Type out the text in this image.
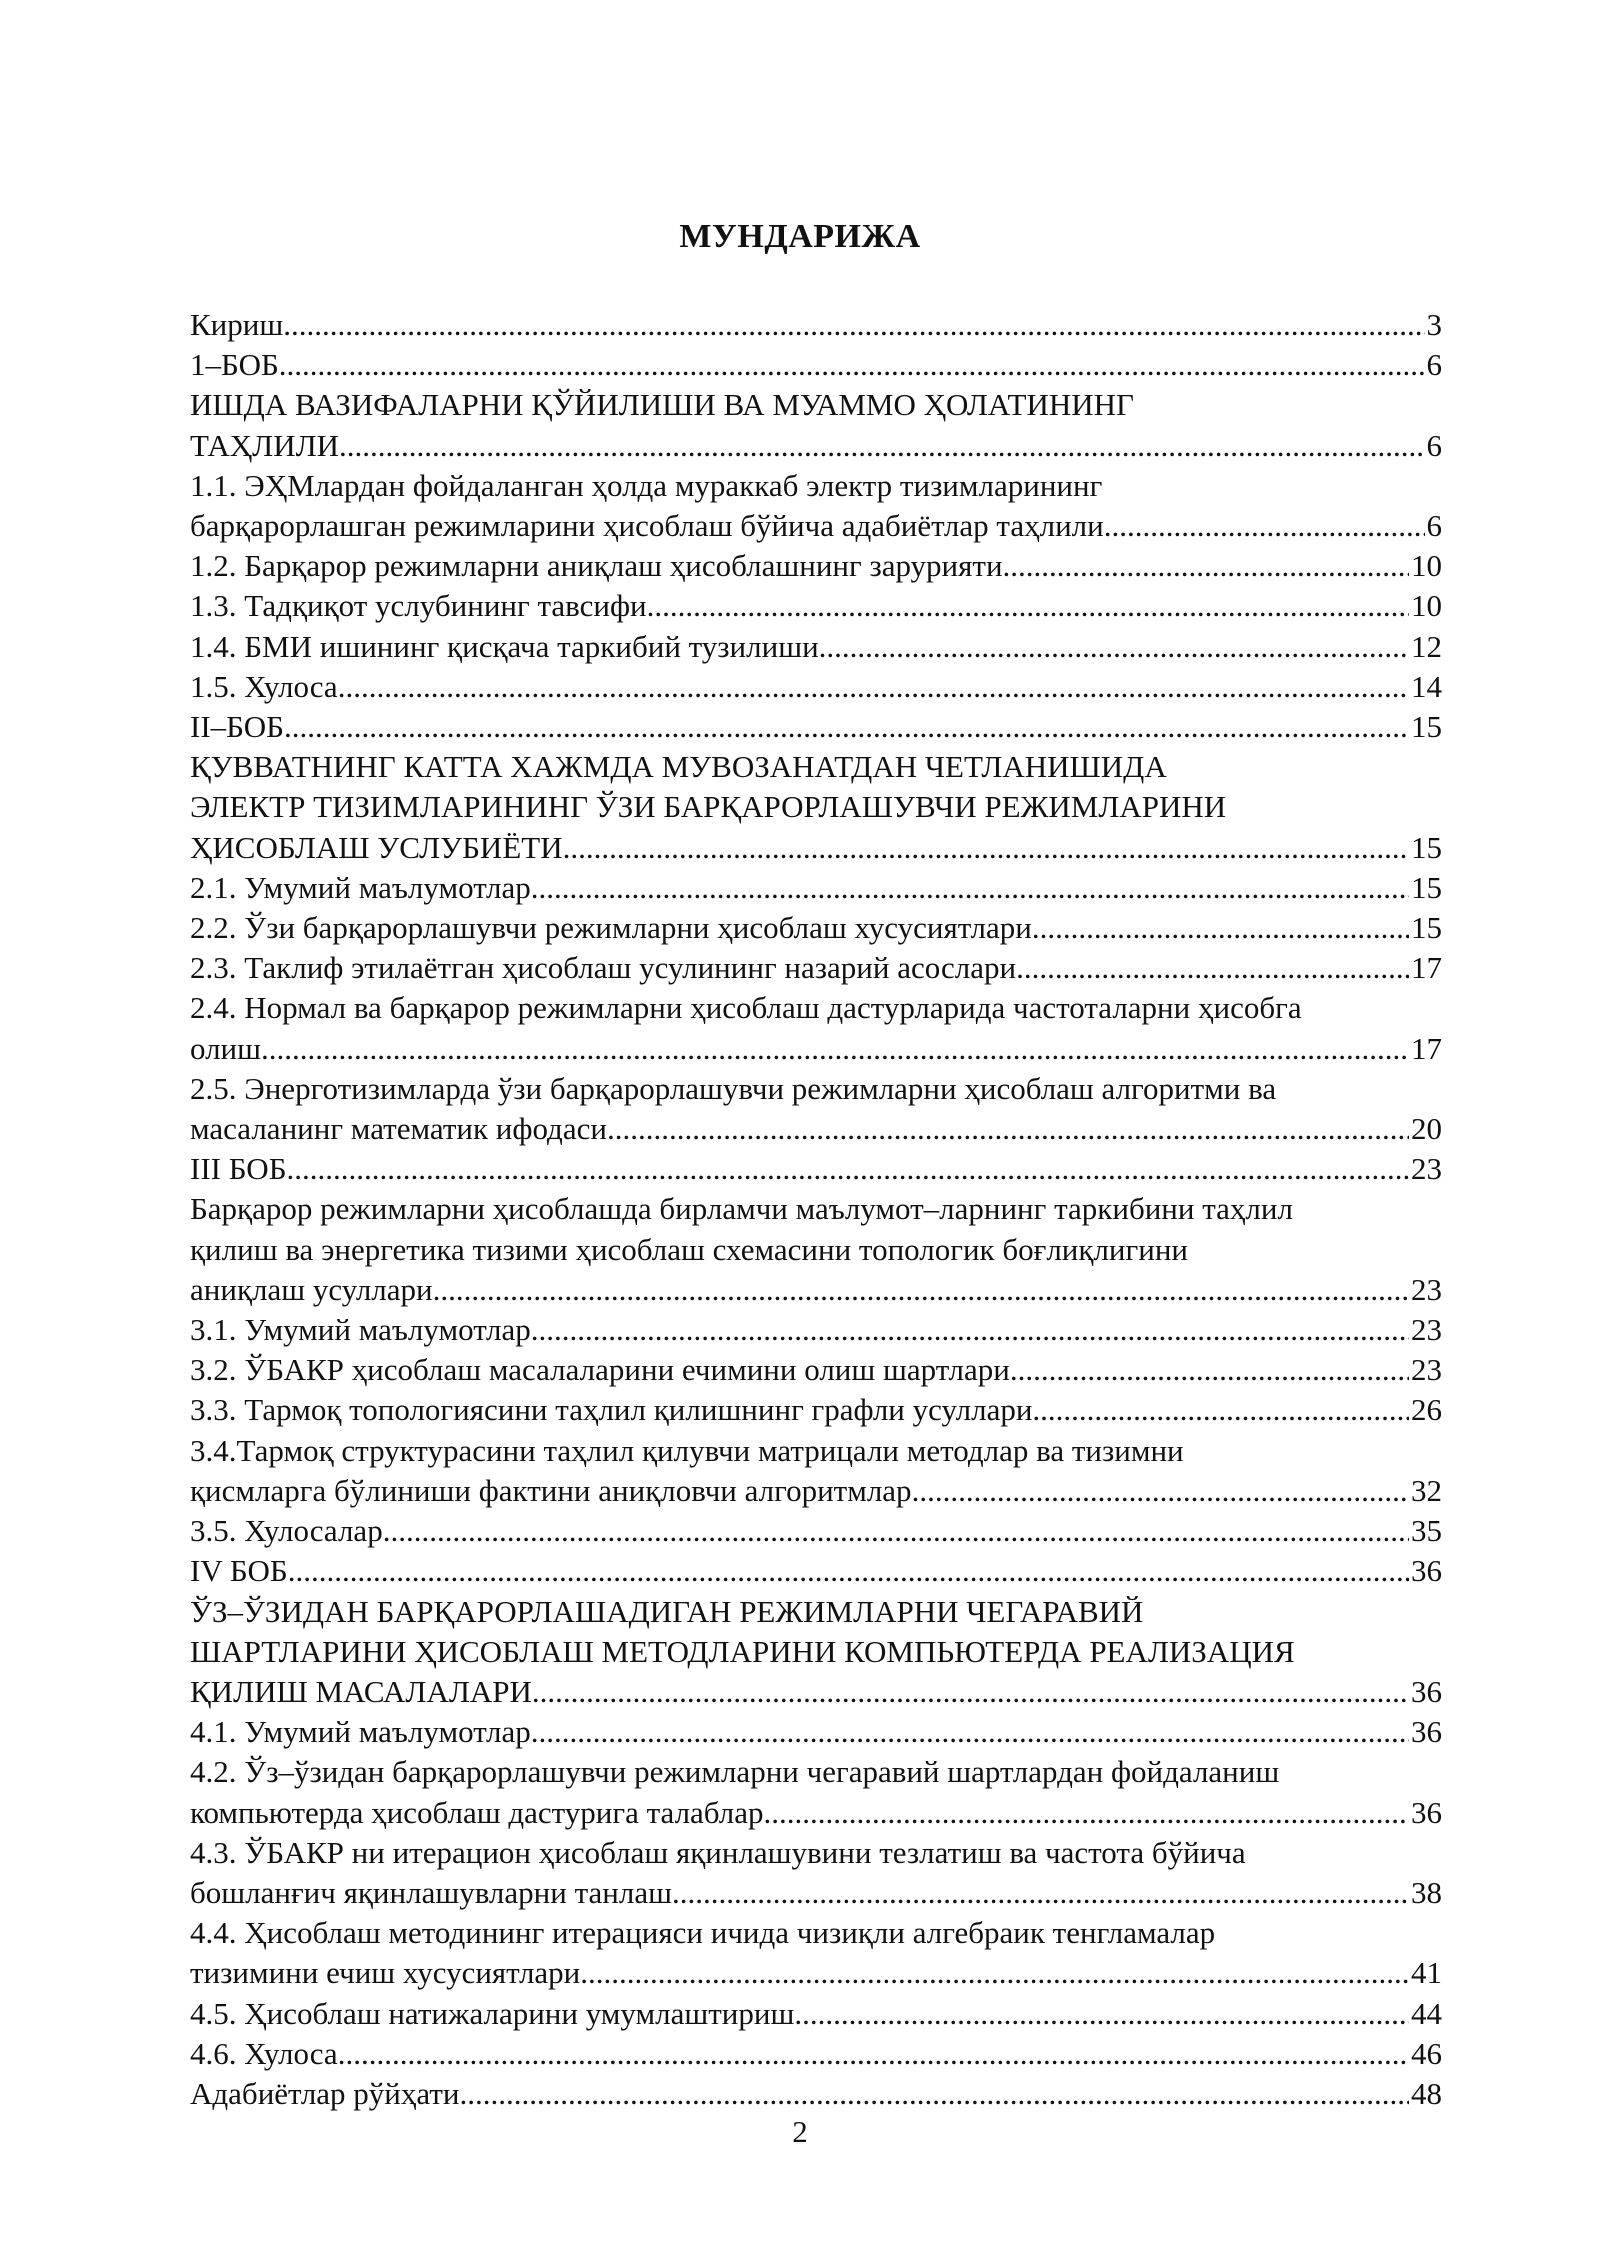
МУНДАРИЖА
Кириш .....	3
1–БОБ .....	6
ИШДА ВАЗИФАЛАРНИ ҚЎЙИЛИШИ ВА МУАММО ҲОЛАТИНИНГ
ТАҲЛИЛИ .....	6
1.1. ЭҲМлардан фойдаланган ҳолда мураккаб электр тизимларининг
барқарорлашган режимларини ҳисоблаш бўйича адабиётлар таҳлили .....	6
1.2. Барқарор режимларни аниқлаш ҳисоблашнинг зарурияти .....	10
1.3. Тадқиқот услубининг тавсифи .....	10
1.4. БМИ ишининг қисқача таркибий тузилиши .....	12
1.5. Хулоса .....	14
II–БОБ .....	15
ҚУВВАТНИНГ КАТТА ХАЖМДА МУВОЗАНАТДАН ЧЕТЛАНИШИДА
ЭЛЕКТР ТИЗИМЛАРИНИНГ ЎЗИ БАРҚАРОРЛАШУВЧИ РЕЖИМЛАРИНИ
ҲИСОБЛАШ УСЛУБИЁТИ .....	15
2.1. Умумий маълумотлар .....	15
2.2. Ўзи барқарорлашувчи режимларни ҳисоблаш хусусиятлари .....	15
2.3. Таклиф этилаётган ҳисоблаш усулининг назарий асослари .....	17
2.4. Нормал ва барқарор режимларни ҳисоблаш дастурларида частоталарни ҳисобга
олиш .....	17
2.5. Энерготизимларда ўзи барқарорлашувчи режимларни ҳисоблаш алгоритми ва
масаланинг математик ифодаси .....	20
III БОБ .....	23
Барқарор режимларни ҳисоблашда бирламчи маълумот–ларнинг таркибини таҳлил
қилиш ва энергетика тизими ҳисоблаш схемасини топологик боғлиқлигини
аниқлаш усуллари .....	23
3.1. Умумий маълумотлар .....	23
3.2. ЎБАКР ҳисоблаш масалаларини ечимини олиш шартлари .....	23
3.3. Тармоқ топологиясини таҳлил қилишнинг графли усуллари .....	26
3.4.Тармоқ структурасини таҳлил қилувчи матрицали методлар ва тизимни
қисмларга бўлиниши фактини аниқловчи алгоритмлар .....	32
3.5. Хулосалар .....	35
IV БОБ .....	36
ЎЗ–ЎЗИДАН БАРҚАРОРЛАШАДИГАН РЕЖИМЛАРНИ ЧЕГАРАВИЙ
ШАРТЛАРИНИ ҲИСОБЛАШ МЕТОДЛАРИНИ КОМПЬЮТЕРДА РЕАЛИЗАЦИЯ
ҚИЛИШ МАСАЛАЛАРИ .....	36
4.1. Умумий маълумотлар .....	36
4.2. Ўз–ўзидан барқарорлашувчи режимларни чегаравий шартлардан фойдаланиш
компьютерда ҳисоблаш дастурига талаблар .....	36
4.3. ЎБАКР ни итерацион ҳисоблаш яқинлашувини тезлатиш ва частота бўйича
бошланғич яқинлашувларни танлаш .....	38
4.4. Ҳисоблаш методининг итерацияси ичида чизиқли алгебраик тенгламалар
тизимини ечиш хусусиятлари .....	41
4.5. Ҳисоблаш натижаларини умумлаштириш .....	44
4.6. Хулоса .....	46
Адабиётлар рўйҳати .....	48
2
